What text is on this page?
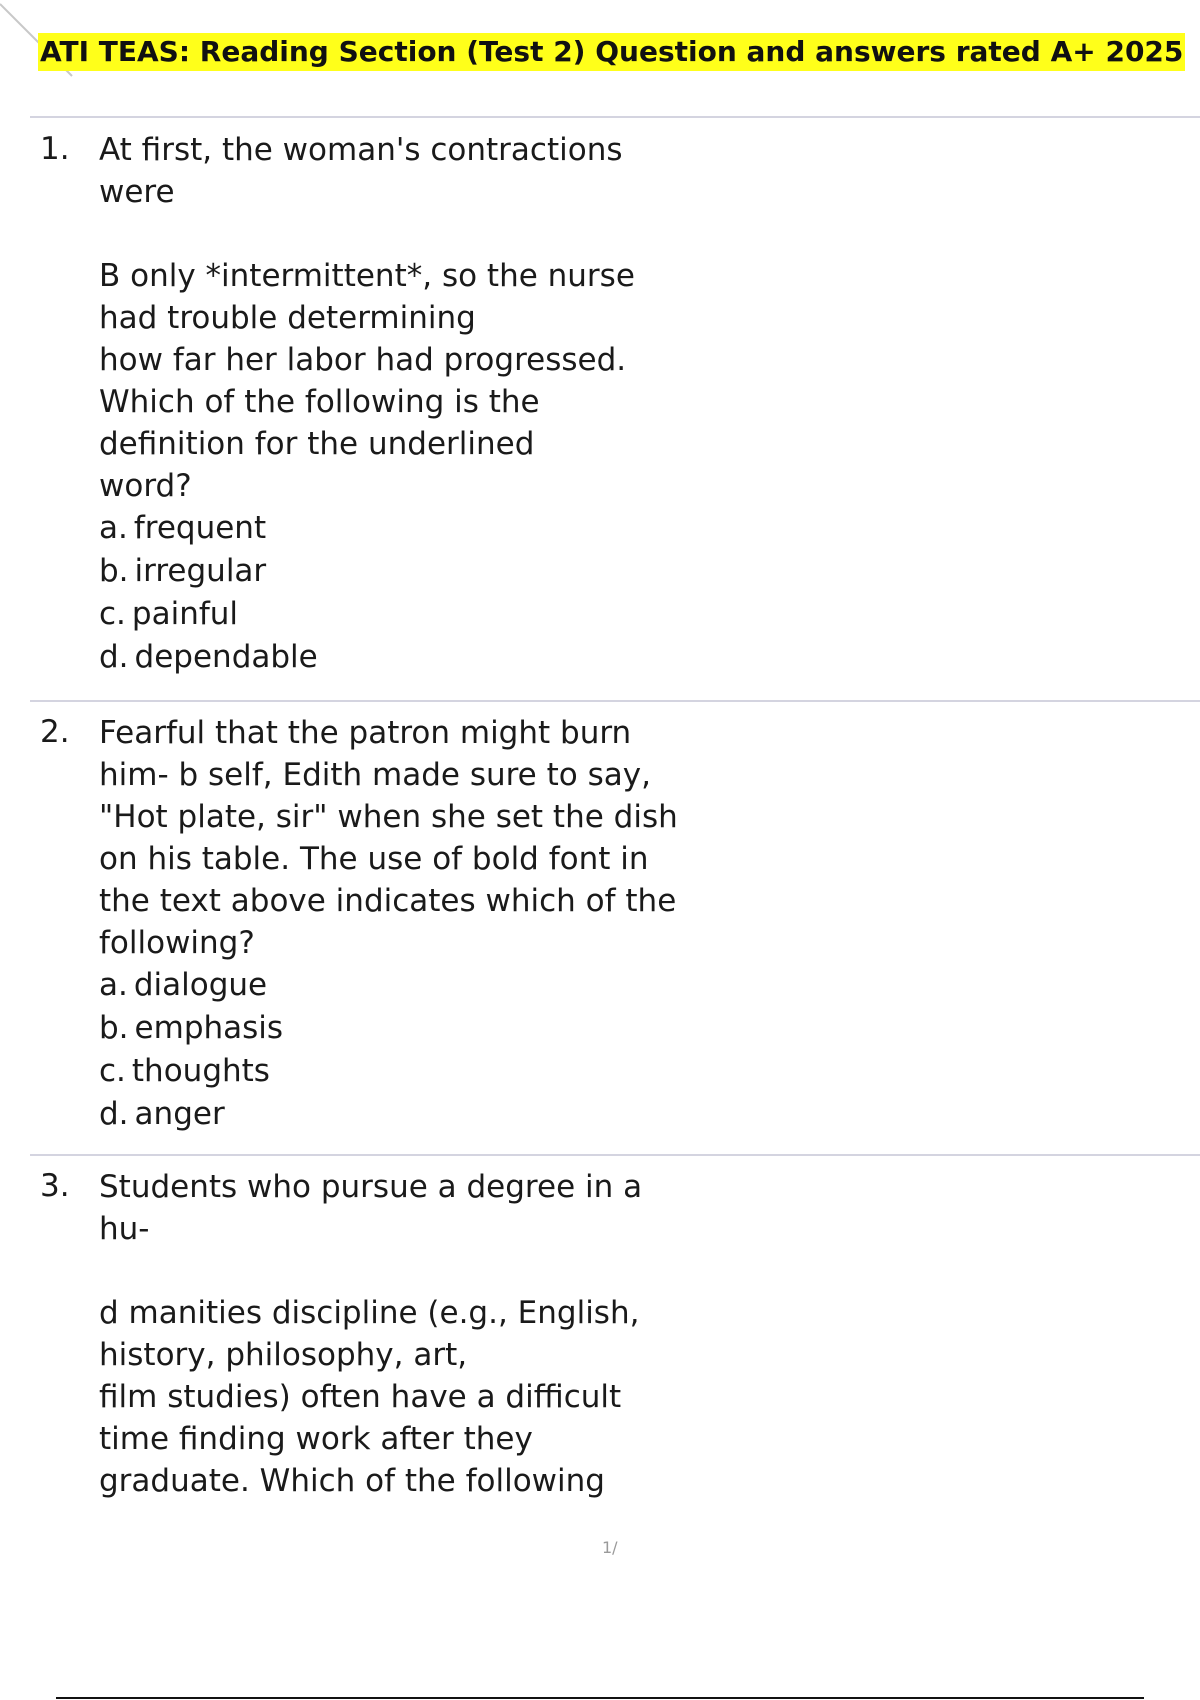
ATI TEAS: Reading Section (Test 2) Question and answers rated A+ 2025
1. At first, the woman's contractions
were
B only *intermittent*, so the nurse
had trouble determining
how far her labor had progressed.
Which of the following is the
definition for the underlined
word?
a. frequent
b. irregular
c. painful
d. dependable
2. Fearful that the patron might burn
him- b self, Edith made sure to say,
"Hot plate, sir" when she set the dish
on his table. The use of bold font in
the text above indicates which of the
following?
a. dialogue
b. emphasis
c. thoughts
d. anger
3. Students who pursue a degree in a
hu-
d manities discipline (e.g., English,
history, philosophy, art,
film studies) often have a difficult
time finding work after they
graduate. Which of the following
1/
